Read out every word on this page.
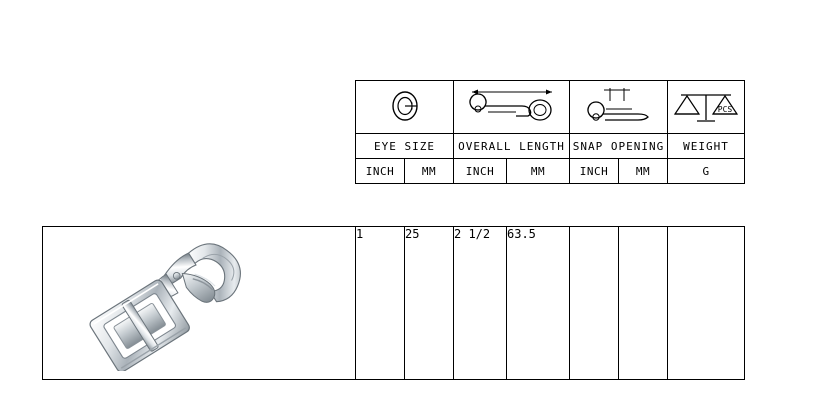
PCS

EYE SIZE		OVERALL LENGTH		SNAP OPENING		WEIGHT
INCH	MM	INCH	MM	INCH	MM	G
	1	25	2 1/2	63.5			
